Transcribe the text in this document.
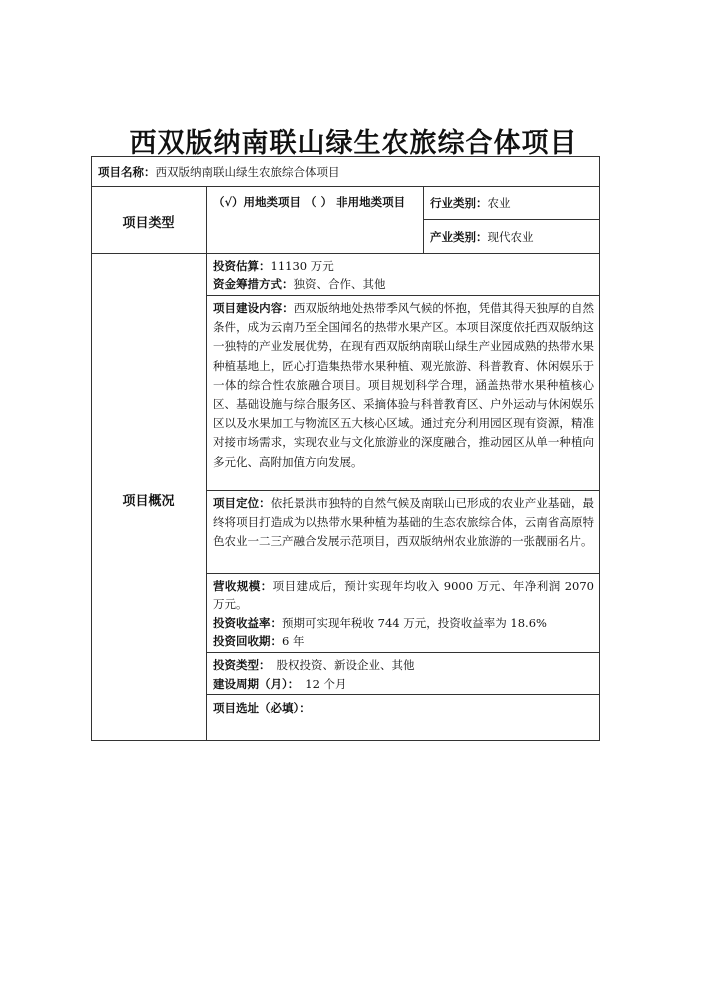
西双版纳南联山绿生农旅综合体项目
项目名称：西双版纳南联山绿生农旅综合体项目
项目类型
（√）用地类项目 （ ） 非用地类项目	行业类别：农业
产业类别：现代农业
项目概况
投资估算：11130 万元
资金筹措方式：独资、合作、其他
项目建设内容：西双版纳地处热带季风气候的怀抱，凭借其得天独厚的自然条件，成为云南乃至全国闻名的热带水果产区。本项目深度依托西双版纳这一独特的产业发展优势，在现有西双版纳南联山绿生产业园成熟的热带水果种植基地上，匠心打造集热带水果种植、观光旅游、科普教育、休闲娱乐于一体的综合性农旅融合项目。项目规划科学合理，涵盖热带水果种植核心区、基础设施与综合服务区、采摘体验与科普教育区、户外运动与休闲娱乐区以及水果加工与物流区五大核心区域。通过充分利用园区现有资源，精准对接市场需求，实现农业与文化旅游业的深度融合，推动园区从单一种植向多元化、高附加值方向发展。
项目定位：依托景洪市独特的自然气候及南联山已形成的农业产业基础，最终将项目打造成为以热带水果种植为基础的生态农旅综合体，云南省高原特色农业一二三产融合发展示范项目，西双版纳州农业旅游的一张靓丽名片。
营收规模：项目建成后，预计实现年均收入 9000 万元、年净利润 2070 万元。
投资收益率：预期可实现年税收 744 万元，投资收益率为 18.6%
投资回收期：6 年
投资类型： 股权投资、新设企业、其他
建设周期（月）： 12 个月
项目选址（必填）：
